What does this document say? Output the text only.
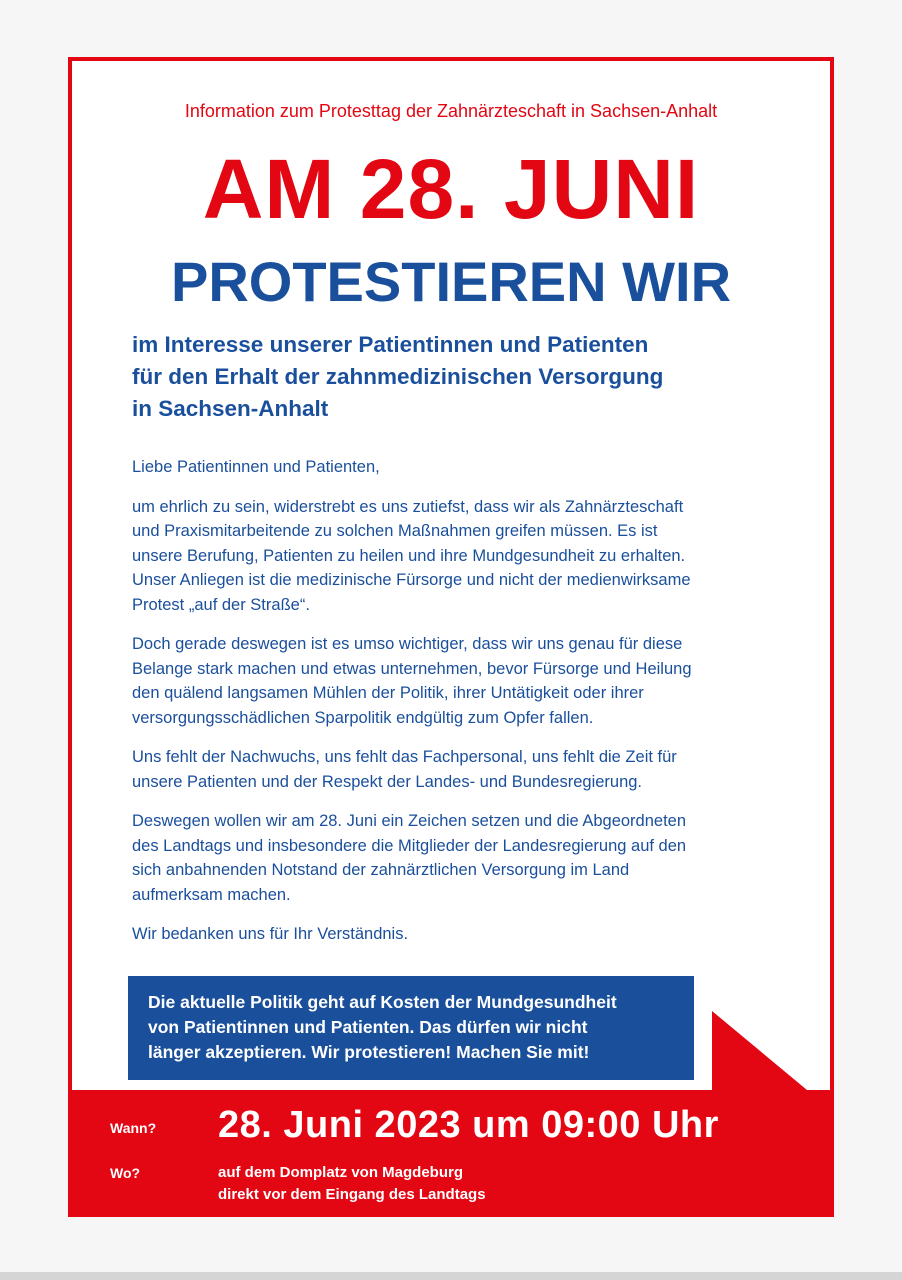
Information zum Protesttag der Zahnärzteschaft in Sachsen-Anhalt
AM 28. JUNI
PROTESTIEREN WIR
im Interesse unserer Patientinnen und Patienten
für den Erhalt der zahnmedizinischen Versorgung
in Sachsen-Anhalt

Liebe Patientinnen und Patienten,

um ehrlich zu sein, widerstrebt es uns zutiefst, dass wir als Zahnärzteschaft
und Praxismitarbeitende zu solchen Maßnahmen greifen müssen. Es ist
unsere Berufung, Patienten zu heilen und ihre Mundgesundheit zu erhalten.
Unser Anliegen ist die medizinische Fürsorge und nicht der medienwirksame
Protest „auf der Straße“.

Doch gerade deswegen ist es umso wichtiger, dass wir uns genau für diese
Belange stark machen und etwas unternehmen, bevor Fürsorge und Heilung
den quälend langsamen Mühlen der Politik, ihrer Untätigkeit oder ihrer
versorgungsschädlichen Sparpolitik endgültig zum Opfer fallen.

Uns fehlt der Nachwuchs, uns fehlt das Fachpersonal, uns fehlt die Zeit für
unsere Patienten und der Respekt der Landes- und Bundesregierung.

Deswegen wollen wir am 28. Juni ein Zeichen setzen und die Abgeordneten
des Landtags und insbesondere die Mitglieder der Landesregierung auf den
sich anbahnenden Notstand der zahnärztlichen Versorgung im Land
aufmerksam machen.

Wir bedanken uns für Ihr Verständnis.

Die aktuelle Politik geht auf Kosten der Mundgesundheit
von Patientinnen und Patienten. Das dürfen wir nicht
länger akzeptieren. Wir protestieren! Machen Sie mit!
Wann? 28. Juni 2023 um 09:00 Uhr
Wo?	auf dem Domplatz von Magdeburg
direkt vor dem Eingang des Landtags
